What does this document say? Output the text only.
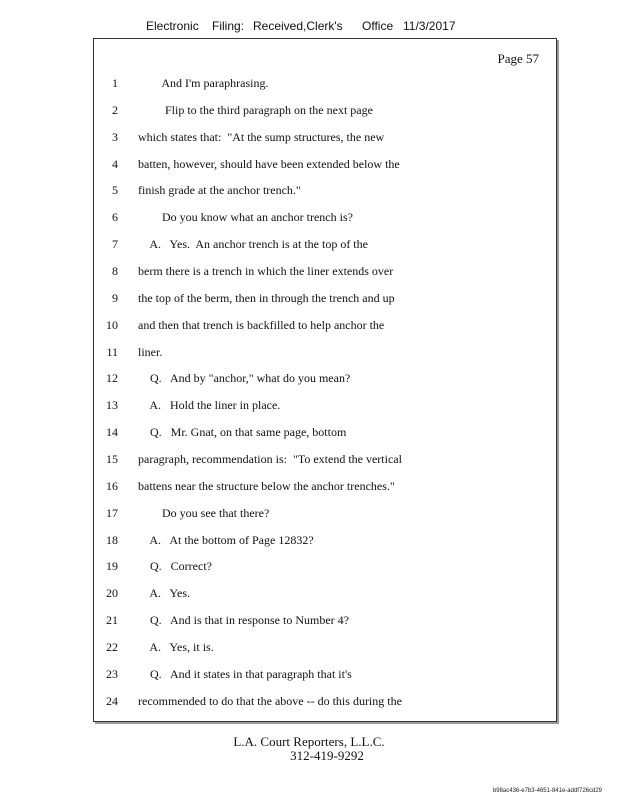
Electronic Filing: Received,Clerk's Office 11/3/2017
Page 57
1 And I'm paraphrasing.
2 Flip to the third paragraph on the next page
3 which states that:  "At the sump structures, the new
4 batten, however, should have been extended below the
5 finish grade at the anchor trench."
6 Do you know what an anchor trench is?
7 A.   Yes.  An anchor trench is at the top of the
8 berm there is a trench in which the liner extends over
9 the top of the berm, then in through the trench and up
10 and then that trench is backfilled to help anchor the
11 liner.
12 Q.   And by "anchor," what do you mean?
13 A.   Hold the liner in place.
14 Q.   Mr. Gnat, on that same page, bottom
15 paragraph, recommendation is:  "To extend the vertical
16 battens near the structure below the anchor trenches."
17 Do you see that there?
18 A.   At the bottom of Page 12832?
19 Q.   Correct?
20 A.   Yes.
21 Q.   And is that in response to Number 4?
22 A.   Yes, it is.
23 Q.   And it states in that paragraph that it's
24 recommended to do that the above -- do this during the
L.A. Court Reporters, L.L.C.
312-419-9292
b98ac436-e7b3-4651-841e-addf726cd29
